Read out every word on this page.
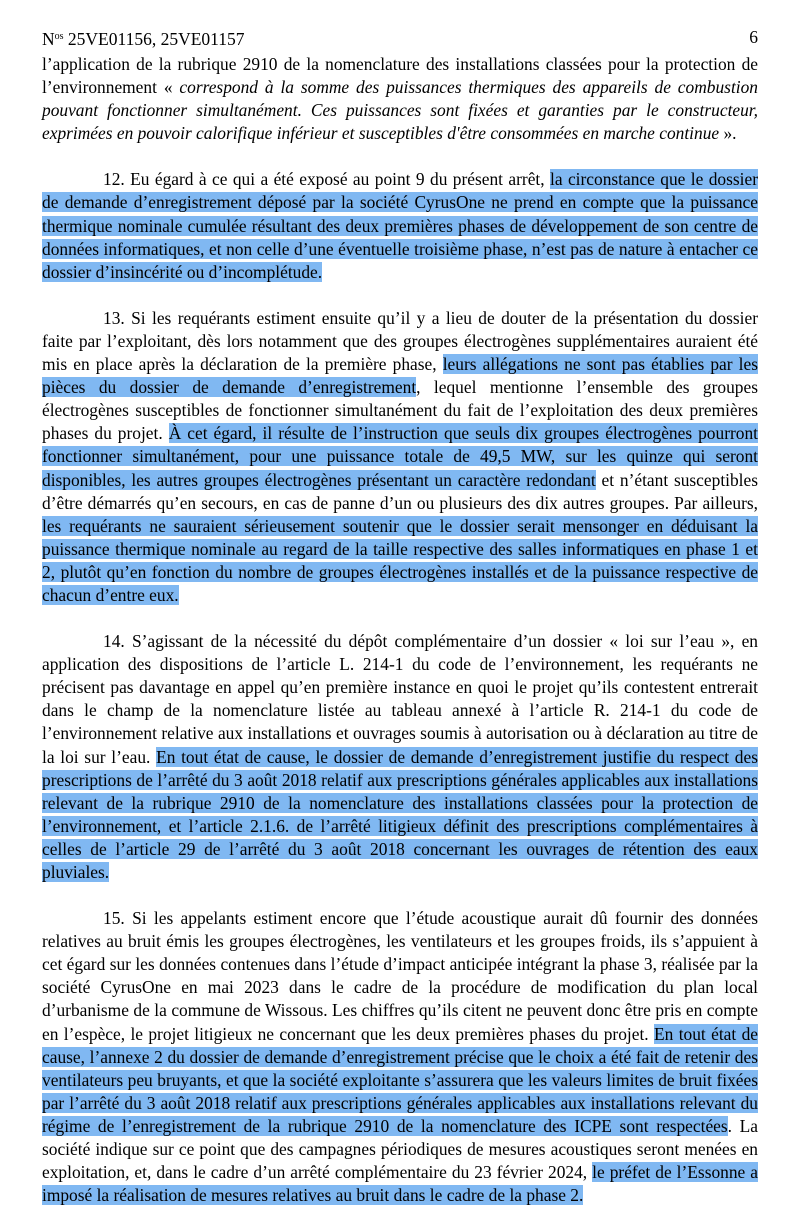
$N^{os}$ 25VE01156, 25VE01157	6

l’application de la rubrique 2910 de la nomenclature des installations classées pour la protection de l’environnement « correspond à la somme des puissances thermiques des appareils de combustion pouvant fonctionner simultanément. Ces puissances sont fixées et garanties par le constructeur, exprimées en pouvoir calorifique inférieur et susceptibles d'être consommées en marche continue ».

12. Eu égard à ce qui a été exposé au point 9 du présent arrêt, la circonstance que le dossier de demande d’enregistrement déposé par la société CyrusOne ne prend en compte que la puissance thermique nominale cumulée résultant des deux premières phases de développement de son centre de données informatiques, et non celle d’une éventuelle troisième phase, n’est pas de nature à entacher ce dossier d’insincérité ou d’incomplétude.

13. Si les requérants estiment ensuite qu’il y a lieu de douter de la présentation du dossier faite par l’exploitant, dès lors notamment que des groupes électrogènes supplémentaires auraient été mis en place après la déclaration de la première phase, leurs allégations ne sont pas établies par les pièces du dossier de demande d’enregistrement, lequel mentionne l’ensemble des groupes électrogènes susceptibles de fonctionner simultanément du fait de l’exploitation des deux premières phases du projet. À cet égard, il résulte de l’instruction que seuls dix groupes électrogènes pourront fonctionner simultanément, pour une puissance totale de 49,5 MW, sur les quinze qui seront disponibles, les autres groupes électrogènes présentant un caractère redondant et n’étant susceptibles d’être démarrés qu’en secours, en cas de panne d’un ou plusieurs des dix autres groupes. Par ailleurs, les requérants ne sauraient sérieusement soutenir que le dossier serait mensonger en déduisant la puissance thermique nominale au regard de la taille respective des salles informatiques en phase 1 et 2, plutôt qu’en fonction du nombre de groupes électrogènes installés et de la puissance respective de chacun d’entre eux.

14. S’agissant de la nécessité du dépôt complémentaire d’un dossier « loi sur l’eau », en application des dispositions de l’article L. 214-1 du code de l’environnement, les requérants ne précisent pas davantage en appel qu’en première instance en quoi le projet qu’ils contestent entrerait dans le champ de la nomenclature listée au tableau annexé à l’article R. 214-1 du code de l’environnement relative aux installations et ouvrages soumis à autorisation ou à déclaration au titre de la loi sur l’eau. En tout état de cause, le dossier de demande d’enregistrement justifie du respect des prescriptions de l’arrêté du 3 août 2018 relatif aux prescriptions générales applicables aux installations relevant de la rubrique 2910 de la nomenclature des installations classées pour la protection de l’environnement, et l’article 2.1.6. de l’arrêté litigieux définit des prescriptions complémentaires à celles de l’article 29 de l’arrêté du 3 août 2018 concernant les ouvrages de rétention des eaux pluviales.

15. Si les appelants estiment encore que l’étude acoustique aurait dû fournir des données relatives au bruit émis les groupes électrogènes, les ventilateurs et les groupes froids, ils s’appuient à cet égard sur les données contenues dans l’étude d’impact anticipée intégrant la phase 3, réalisée par la société CyrusOne en mai 2023 dans le cadre de la procédure de modification du plan local d’urbanisme de la commune de Wissous. Les chiffres qu’ils citent ne peuvent donc être pris en compte en l’espèce, le projet litigieux ne concernant que les deux premières phases du projet. En tout état de cause, l’annexe 2 du dossier de demande d’enregistrement précise que le choix a été fait de retenir des ventilateurs peu bruyants, et que la société exploitante s’assurera que les valeurs limites de bruit fixées par l’arrêté du 3 août 2018 relatif aux prescriptions générales applicables aux installations relevant du régime de l’enregistrement de la rubrique 2910 de la nomenclature des ICPE sont respectées. La société indique sur ce point que des campagnes périodiques de mesures acoustiques seront menées en exploitation, et, dans le cadre d’un arrêté complémentaire du 23 février 2024, le préfet de l’Essonne a imposé la réalisation de mesures relatives au bruit dans le cadre de la phase 2.
